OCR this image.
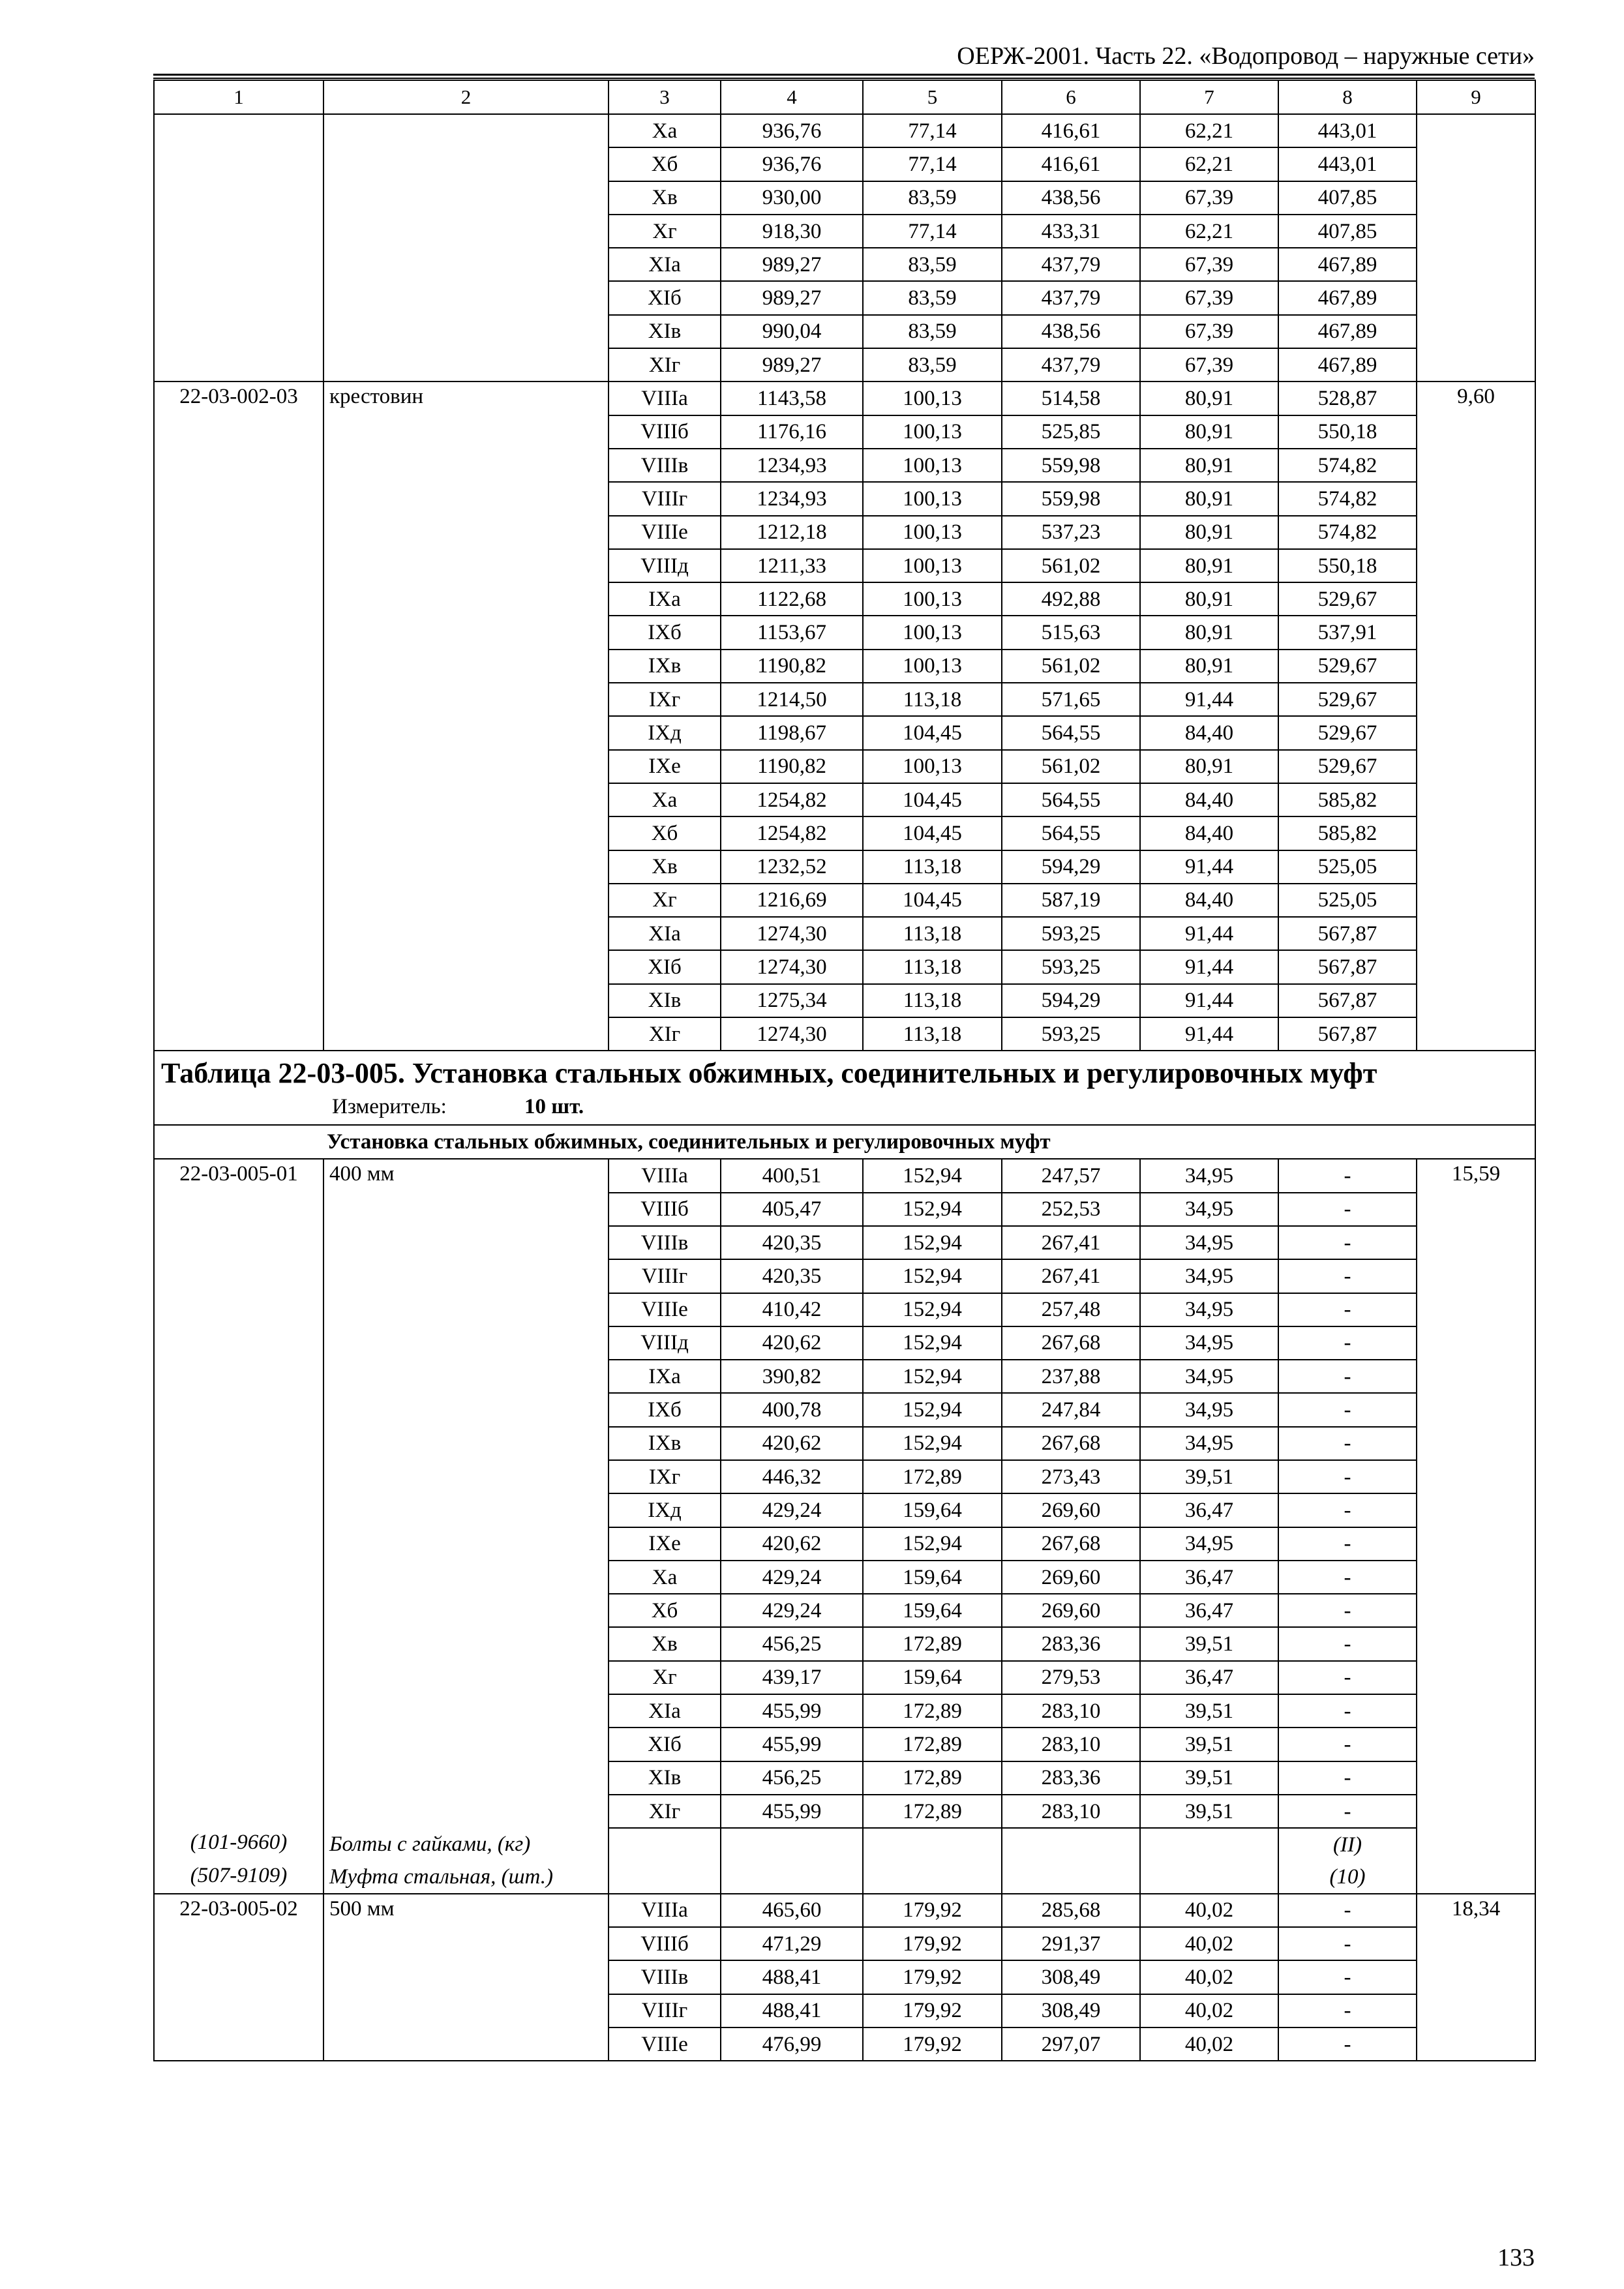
ОЕРЖ-2001. Часть 22. «Водопровод – наружные сети»
1	2	3	4	5	6	7	8	9
		Xa	936,76	77,14	416,61	62,21	443,01	
		Xб	936,76	77,14	416,61	62,21	443,01	
		Xв	930,00	83,59	438,56	67,39	407,85	
		Xг	918,30	77,14	433,31	62,21	407,85	
		XIa	989,27	83,59	437,79	67,39	467,89	
		XIб	989,27	83,59	437,79	67,39	467,89	
		XIв	990,04	83,59	438,56	67,39	467,89	
		XIг	989,27	83,59	437,79	67,39	467,89	
22-03-002-03	крестовин	VIIIa	1143,58	100,13	514,58	80,91	528,87	9,60
		VIIIб	1176,16	100,13	525,85	80,91	550,18	
		VIIIв	1234,93	100,13	559,98	80,91	574,82	
		VIIIг	1234,93	100,13	559,98	80,91	574,82	
		VIIIe	1212,18	100,13	537,23	80,91	574,82	
		VIIIд	1211,33	100,13	561,02	80,91	550,18	
		IXa	1122,68	100,13	492,88	80,91	529,67	
		IXб	1153,67	100,13	515,63	80,91	537,91	
		IXв	1190,82	100,13	561,02	80,91	529,67	
		IXг	1214,50	113,18	571,65	91,44	529,67	
		IXд	1198,67	104,45	564,55	84,40	529,67	
		IXe	1190,82	100,13	561,02	80,91	529,67	
		Xa	1254,82	104,45	564,55	84,40	585,82	
		Xб	1254,82	104,45	564,55	84,40	585,82	
		Xв	1232,52	113,18	594,29	91,44	525,05	
		Xг	1216,69	104,45	587,19	84,40	525,05	
		XIa	1274,30	113,18	593,25	91,44	567,87	
		XIб	1274,30	113,18	593,25	91,44	567,87	
		XIв	1275,34	113,18	594,29	91,44	567,87	
		XIг	1274,30	113,18	593,25	91,44	567,87	

Таблица 22-03-005. Установка стальных обжимных, соединительных и регулировочных муфт
Измеритель: 10 шт.								

Установка стальных обжимных, соединительных и регулировочных муфт								
22-03-005-01	400 мм	VIIIa	400,51	152,94	247,57	34,95	-	15,59
		VIIIб	405,47	152,94	252,53	34,95	-	
		VIIIв	420,35	152,94	267,41	34,95	-	
		VIIIг	420,35	152,94	267,41	34,95	-	
		VIIIe	410,42	152,94	257,48	34,95	-	
		VIIIд	420,62	152,94	267,68	34,95	-	
		IXa	390,82	152,94	237,88	34,95	-	
		IXб	400,78	152,94	247,84	34,95	-	
		IXв	420,62	152,94	267,68	34,95	-	
		IXг	446,32	172,89	273,43	39,51	-	
		IXд	429,24	159,64	269,60	36,47	-	
		IXe	420,62	152,94	267,68	34,95	-	
		Xa	429,24	159,64	269,60	36,47	-	
		Xб	429,24	159,64	269,60	36,47	-	
		Xв	456,25	172,89	283,36	39,51	-	
		Xг	439,17	159,64	279,53	36,47	-	
		XIa	455,99	172,89	283,10	39,51	-	
		XIб	455,99	172,89	283,10	39,51	-	
		XIв	456,25	172,89	283,36	39,51	-	
		XIг	455,99	172,89	283,10	39,51	-	
(101-9660)	Болты с гайками, (кг)						(II)	
(507-9109)	Муфта стальная, (шт.)						(10)	
22-03-005-02	500 мм	VIIIa	465,60	179,92	285,68	40,02	-	18,34
		VIIIб	471,29	179,92	291,37	40,02	-	
		VIIIв	488,41	179,92	308,49	40,02	-	
		VIIIг	488,41	179,92	308,49	40,02	-	
		VIIIe	476,99	179,92	297,07	40,02	-	
133
